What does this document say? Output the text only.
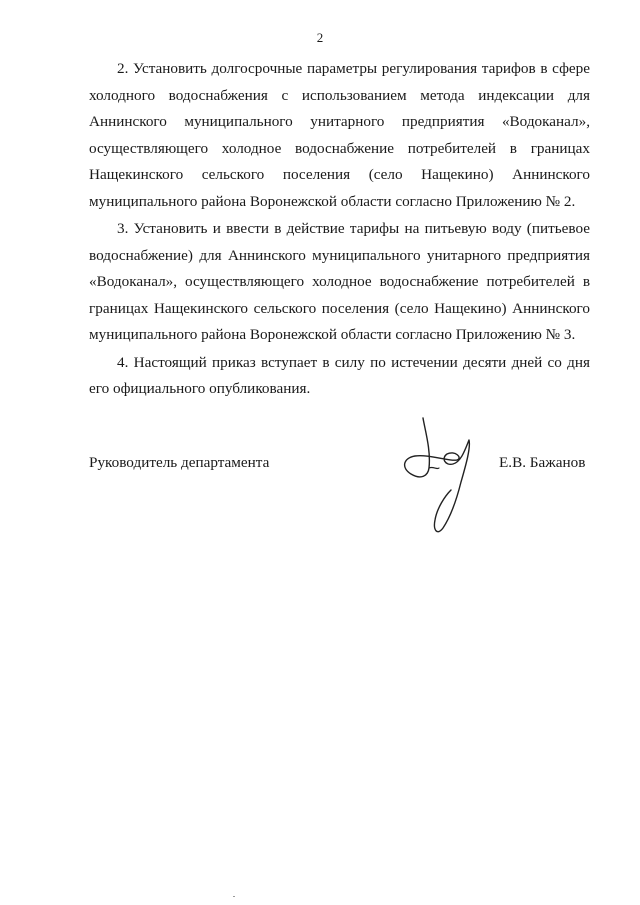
2

2. Установить долгосрочные параметры регулирования тарифов в сфере холодного водоснабжения с использованием метода индексации для Аннинского муниципального унитарного предприятия «Водоканал», осуществляющего холодное водоснабжение потребителей в границах Нащекинского сельского поселения (село Нащекино) Аннинского муниципального района Воронежской области согласно Приложению № 2.

3. Установить и ввести в действие тарифы на питьевую воду (питьевое водоснабжение) для Аннинского муниципального унитарного предприятия «Водоканал», осуществляющего холодное водоснабжение потребителей в границах Нащекинского сельского поселения (село Нащекино) Аннинского муниципального района Воронежской области согласно Приложению № 3.

4. Настоящий приказ вступает в силу по истечении десяти дней со дня его официального опубликования.

Руководитель департамента	Е.В. Бажанов
